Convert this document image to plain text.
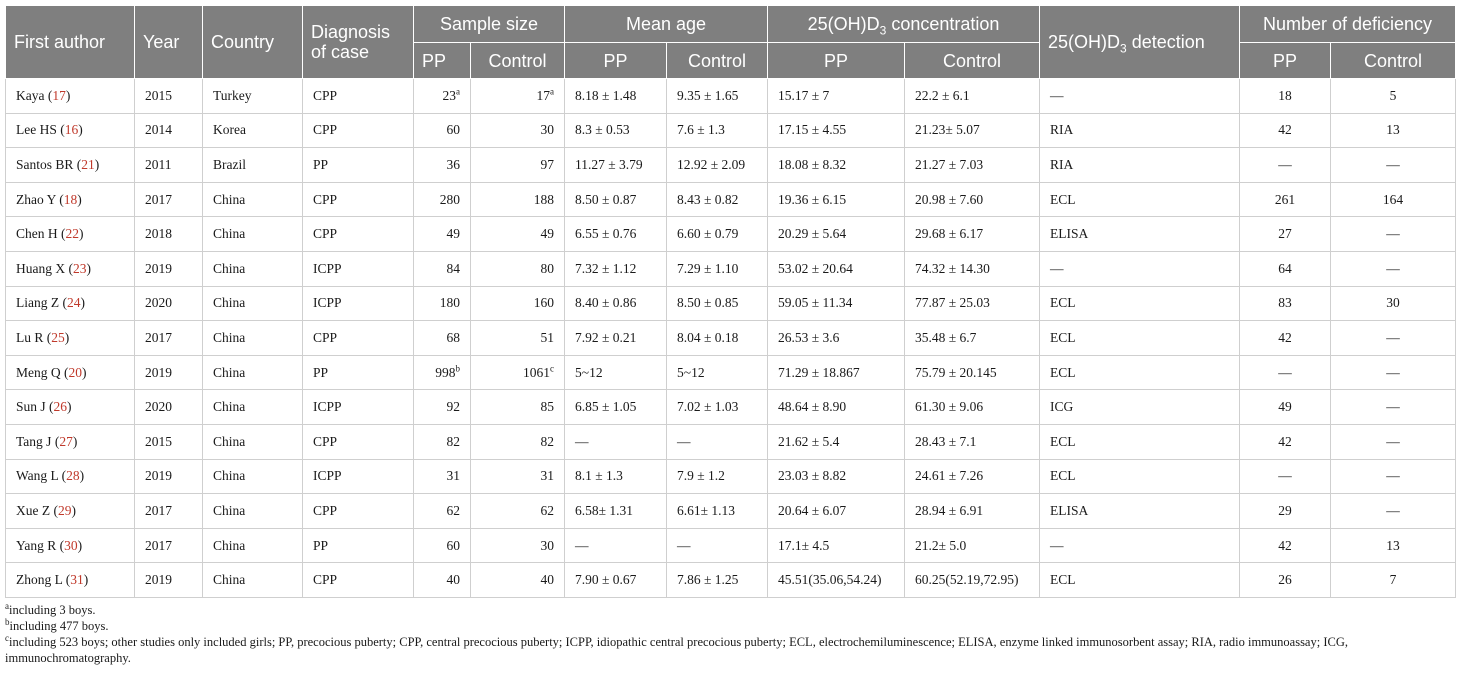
First author	Year	Country	Diagnosis of case	Sample size		Mean age		$25(OH)D_3$ concentration		$25(OH)D_3$ detection	Number of deficiency	
				PP	Control	PP	Control	PP	Control		PP	Control
Kaya (17)	2015	Turkey	CPP	23$^a$	17$^a$	8.18 ± 1.48	9.35 ± 1.65	15.17 ± 7	22.2 ± 6.1	—	18	5
Lee HS (16)	2014	Korea	CPP	60	30	8.3 ± 0.53	7.6 ± 1.3	17.15 ± 4.55	21.23± 5.07	RIA	42	13
Santos BR (21)	2011	Brazil	PP	36	97	11.27 ± 3.79	12.92 ± 2.09	18.08 ± 8.32	21.27 ± 7.03	RIA	—	—
Zhao Y (18)	2017	China	CPP	280	188	8.50 ± 0.87	8.43 ± 0.82	19.36 ± 6.15	20.98 ± 7.60	ECL	261	164
Chen H (22)	2018	China	CPP	49	49	6.55 ± 0.76	6.60 ± 0.79	20.29 ± 5.64	29.68 ± 6.17	ELISA	27	—
Huang X (23)	2019	China	ICPP	84	80	7.32 ± 1.12	7.29 ± 1.10	53.02 ± 20.64	74.32 ± 14.30	—	64	—
Liang Z (24)	2020	China	ICPP	180	160	8.40 ± 0.86	8.50 ± 0.85	59.05 ± 11.34	77.87 ± 25.03	ECL	83	30
Lu R (25)	2017	China	CPP	68	51	7.92 ± 0.21	8.04 ± 0.18	26.53 ± 3.6	35.48 ± 6.7	ECL	42	—
Meng Q (20)	2019	China	PP	998$^b$	1061$^c$	5~12	5~12	71.29 ± 18.867	75.79 ± 20.145	ECL	—	—
Sun J (26)	2020	China	ICPP	92	85	6.85 ± 1.05	7.02 ± 1.03	48.64 ± 8.90	61.30 ± 9.06	ICG	49	—
Tang J (27)	2015	China	CPP	82	82	—	—	21.62 ± 5.4	28.43 ± 7.1	ECL	42	—
Wang L (28)	2019	China	ICPP	31	31	8.1 ± 1.3	7.9 ± 1.2	23.03 ± 8.82	24.61 ± 7.26	ECL	—	—
Xue Z (29)	2017	China	CPP	62	62	6.58± 1.31	6.61± 1.13	20.64 ± 6.07	28.94 ± 6.91	ELISA	29	—
Yang R (30)	2017	China	PP	60	30	—	—	17.1± 4.5	21.2± 5.0	—	42	13
Zhong L (31)	2019	China	CPP	40	40	7.90 ± 0.67	7.86 ± 1.25	45.51(35.06,54.24)	60.25(52.19,72.95)	ECL	26	7
$^a$including 3 boys.
$^b$including 477 boys.
$^c$including 523 boys; other studies only included girls; PP, precocious puberty; CPP, central precocious puberty; ICPP, idiopathic central precocious puberty; ECL, electrochemiluminescence; ELISA, enzyme linked immunosorbent assay; RIA, radio immunoassay; ICG, immunochromatography.
